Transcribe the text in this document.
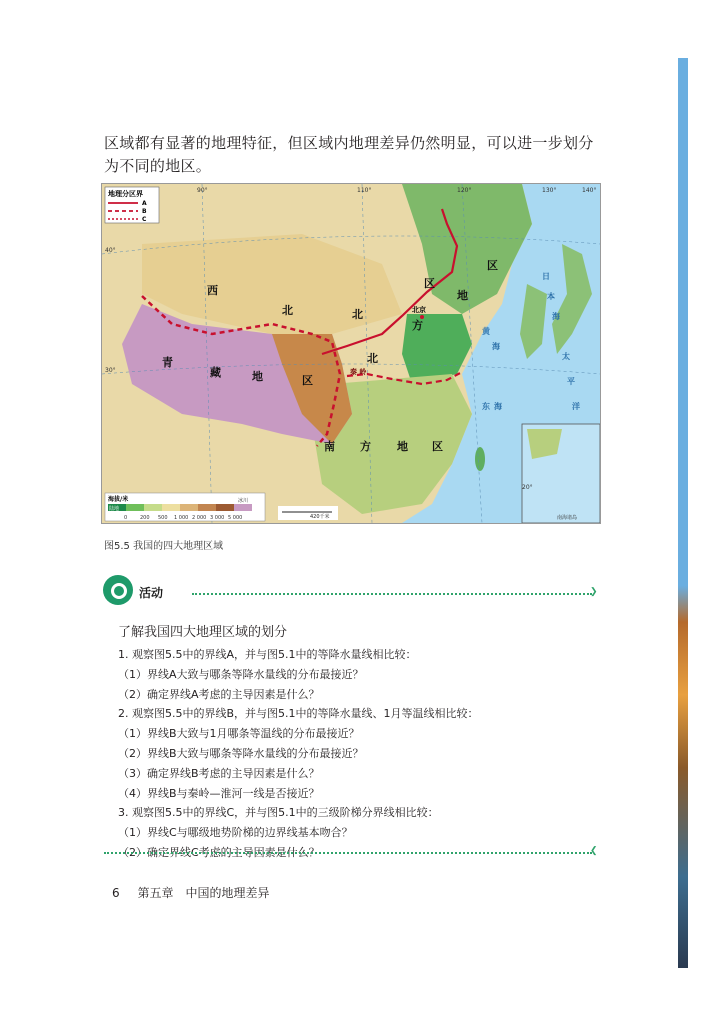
区域都有显著的地理特征，但区域内地理差异仍然明显，可以进一步划分为不同的地区。

地理分区界
A
B
C
西
北	北
方
区
地
区
北
青
藏	地	区
南 方 地 区
北京
秦 岭
日
本
海
黄
海
东 海
太
平
洋
90°	110°	120°	130°	140°
40°
30°
20°
海拔/米
陆地
冰川
0	200 500 1 000 2 000 3 000 5 000	420千米	南海诸岛
图5.5 我国的四大地理区域
活动	❯
了解我国四大地理区域的划分
1. 观察图5.5中的界线A，并与图5.1中的等降水量线相比较：
（1）界线A大致与哪条等降水量线的分布最接近？
（2）确定界线A考虑的主导因素是什么？
2. 观察图5.5中的界线B，并与图5.1中的等降水量线、1月等温线相比较：
（1）界线B大致与1月哪条等温线的分布最接近？
（2）界线B大致与哪条等降水量线的分布最接近？
（3）确定界线B考虑的主导因素是什么？
（4）界线B与秦岭—淮河一线是否接近？
3. 观察图5.5中的界线C，并与图5.1中的三级阶梯分界线相比较：
（1）界线C与哪级地势阶梯的边界线基本吻合？
（2）确定界线C考虑的主导因素是什么？	❮
6 第五章　中国的地理差异
